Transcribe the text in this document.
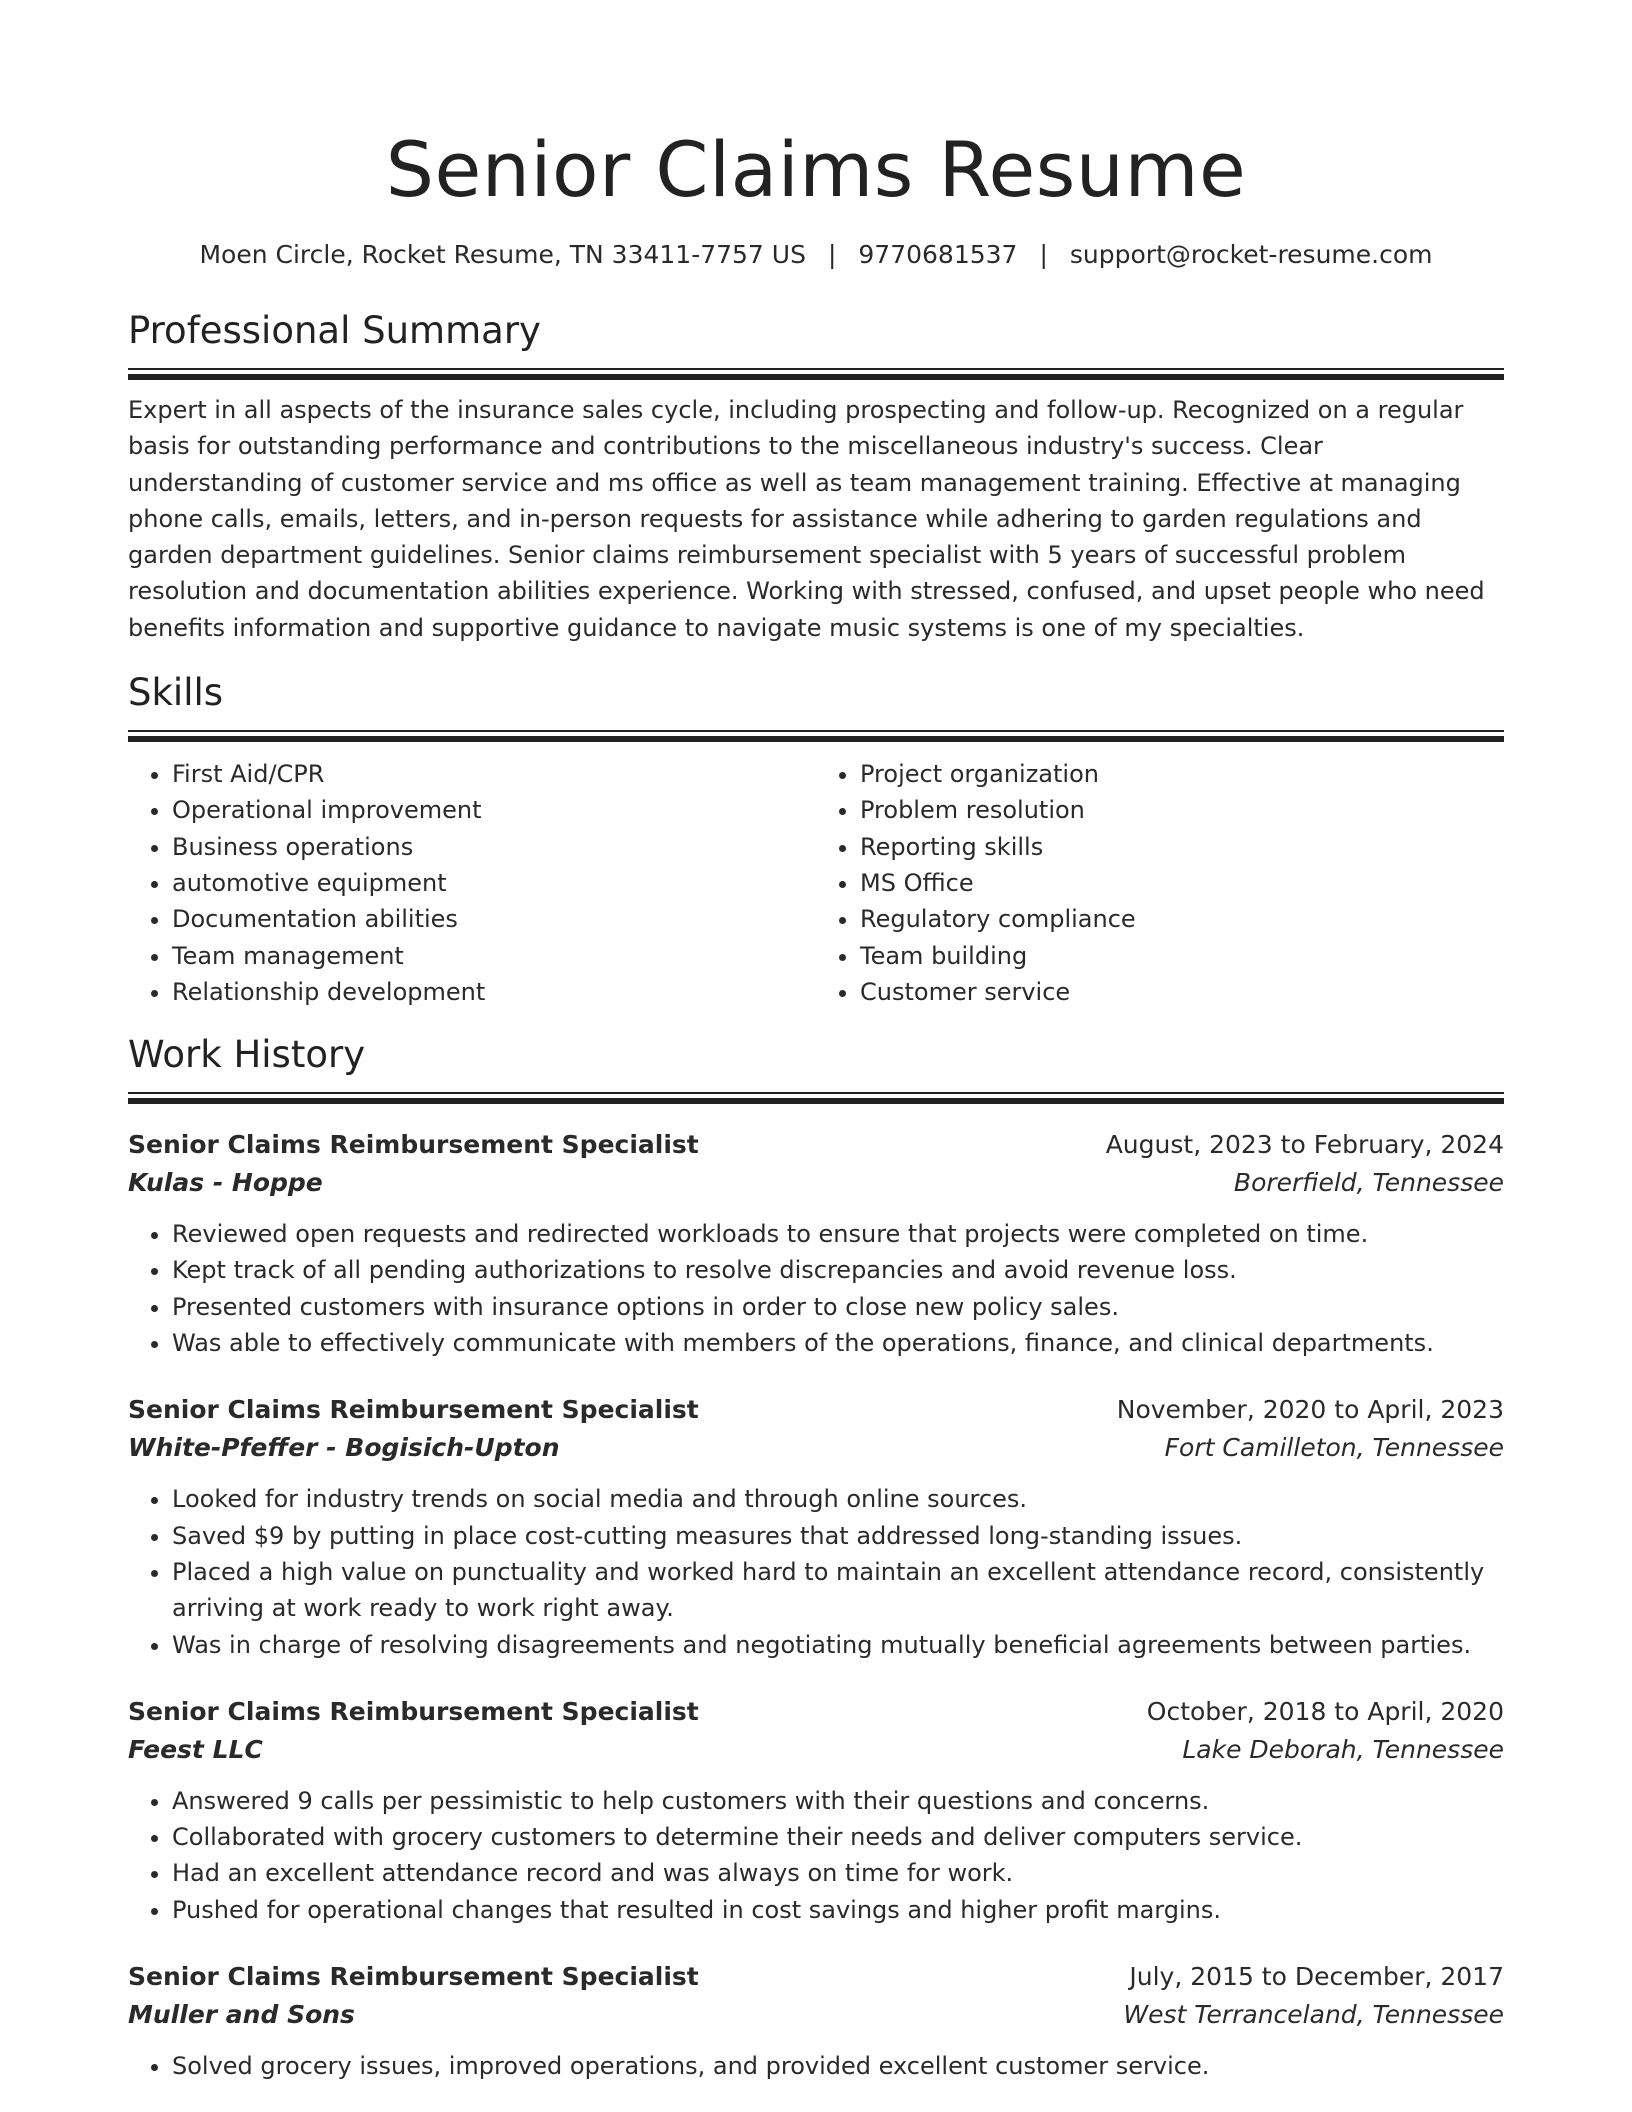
Senior Claims Resume
Moen Circle, Rocket Resume, TN 33411-7757 US | 9770681537 | support@rocket-resume.com
Professional Summary

Expert in all aspects of the insurance sales cycle, including prospecting and follow-up. Recognized on a regular basis for outstanding performance and contributions to the miscellaneous industry's success. Clear understanding of customer service and ms office as well as team management training. Effective at managing phone calls, emails, letters, and in-person requests for assistance while adhering to garden regulations and garden department guidelines. Senior claims reimbursement specialist with 5 years of successful problem resolution and documentation abilities experience. Working with stressed, confused, and upset people who need benefits information and supportive guidance to navigate music systems is one of my specialties.

Skills
• First Aid/CPR
• Operational improvement
• Business operations
• automotive equipment
• Documentation abilities
• Team management
• Relationship development
• Project organization
• Problem resolution
• Reporting skills
• MS Office
• Regulatory compliance
• Team building
• Customer service
Work History
Senior Claims Reimbursement Specialist	August, 2023 to February, 2024
Kulas - Hoppe	Borerfield, Tennessee
• Reviewed open requests and redirected workloads to ensure that projects were completed on time.
• Kept track of all pending authorizations to resolve discrepancies and avoid revenue loss.
• Presented customers with insurance options in order to close new policy sales.
• Was able to effectively communicate with members of the operations, finance, and clinical departments.
Senior Claims Reimbursement Specialist	November, 2020 to April, 2023
White-Pfeffer - Bogisich-Upton	Fort Camilleton, Tennessee
• Looked for industry trends on social media and through online sources.
• Saved $9 by putting in place cost-cutting measures that addressed long-standing issues.
• Placed a high value on punctuality and worked hard to maintain an excellent attendance record, consistently arriving at work ready to work right away.
• Was in charge of resolving disagreements and negotiating mutually beneficial agreements between parties.
Senior Claims Reimbursement Specialist	October, 2018 to April, 2020
Feest LLC	Lake Deborah, Tennessee
• Answered 9 calls per pessimistic to help customers with their questions and concerns.
• Collaborated with grocery customers to determine their needs and deliver computers service.
• Had an excellent attendance record and was always on time for work.
• Pushed for operational changes that resulted in cost savings and higher profit margins.
Senior Claims Reimbursement Specialist	July, 2015 to December, 2017
Muller and Sons	West Terranceland, Tennessee
• Solved grocery issues, improved operations, and provided excellent customer service.
